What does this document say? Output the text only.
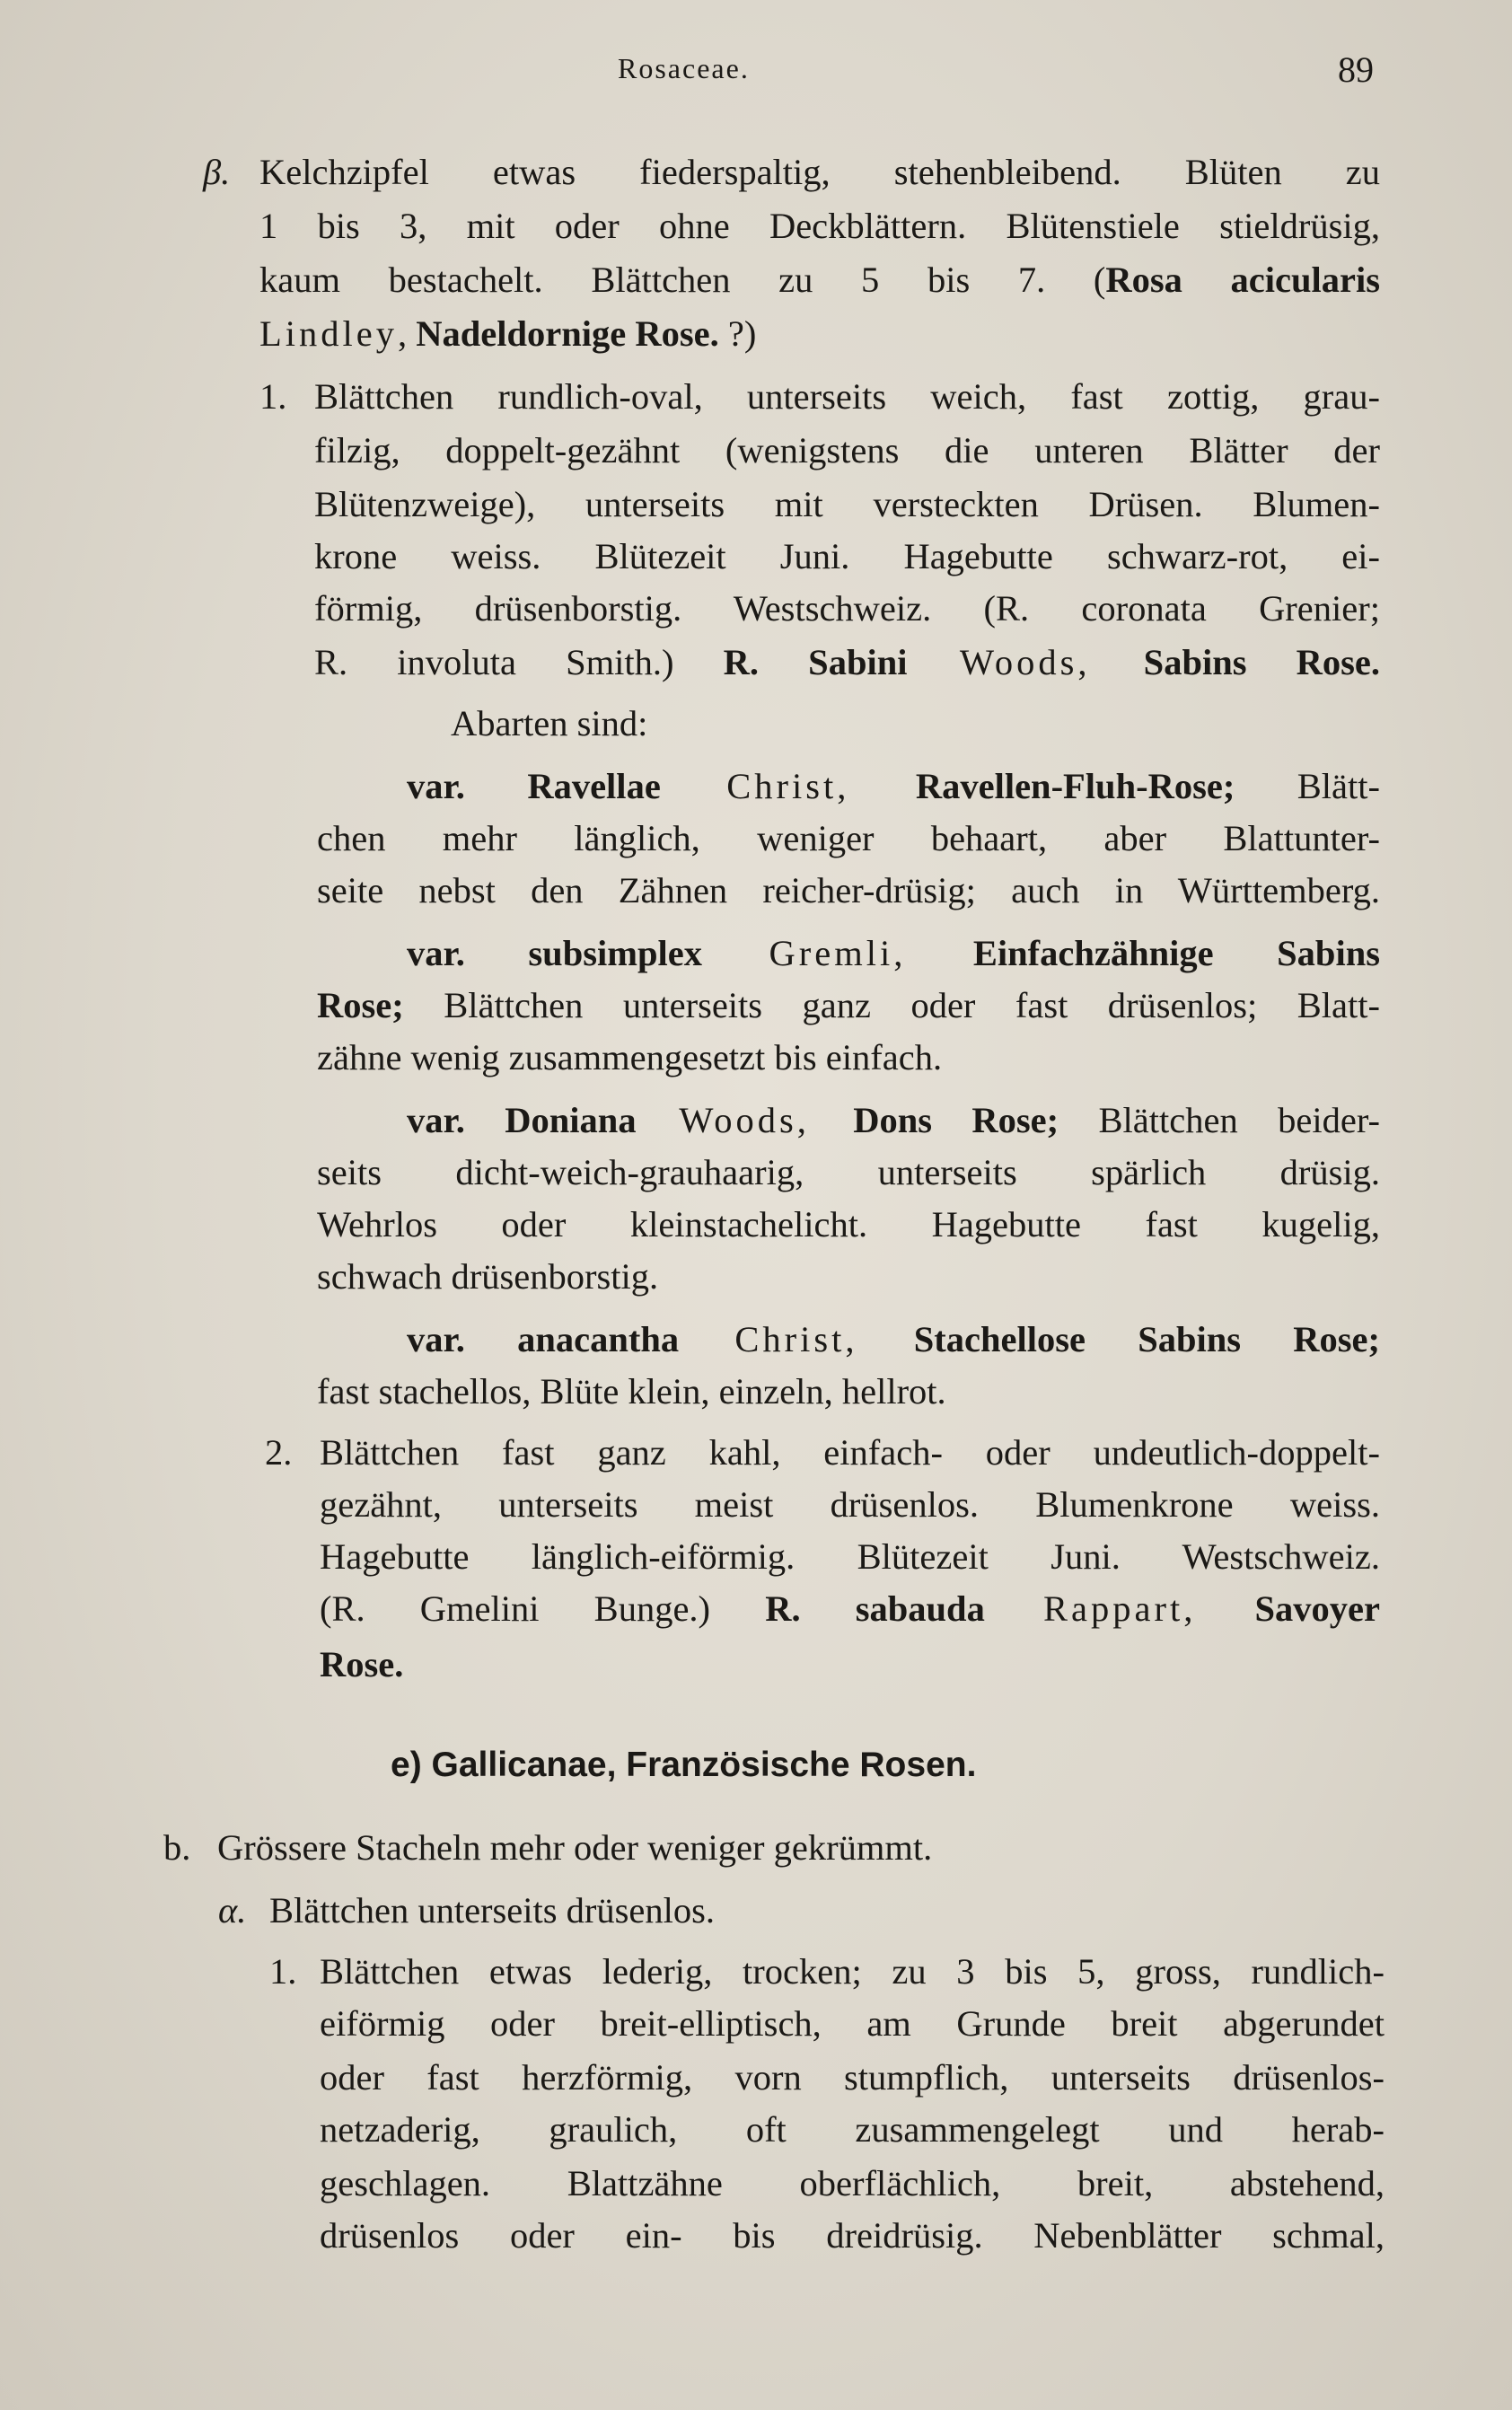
Rosaceae.	89
β. Kelchzipfel etwas fiederspaltig, stehenbleibend. Blüten zu
1 bis 3, mit oder ohne Deckblättern. Blütenstiele stieldrüsig,
kaum bestachelt. Blättchen zu 5 bis 7. (Rosa acicularis
Lindley, Nadeldornige Rose. ?)
1. Blättchen rundlich-oval, unterseits weich, fast zottig, grau-
filzig, doppelt-gezähnt (wenigstens die unteren Blätter der
Blütenzweige), unterseits mit versteckten Drüsen. Blumen-
krone weiss. Blütezeit Juni. Hagebutte schwarz-rot, ei-
förmig, drüsenborstig. Westschweiz. (R. coronata Grenier;
R. involuta Smith.) R. Sabini Woods, Sabins Rose.
Abarten sind:
var. Ravellae Christ, Ravellen-Fluh-Rose; Blätt-
chen mehr länglich, weniger behaart, aber Blattunter-
seite nebst den Zähnen reicher-drüsig; auch in Württemberg.
var. subsimplex Gremli, Einfachzähnige Sabins
Rose; Blättchen unterseits ganz oder fast drüsenlos; Blatt-
zähne wenig zusammengesetzt bis einfach.
var. Doniana Woods, Dons Rose; Blättchen beider-
seits dicht-weich-grauhaarig, unterseits spärlich drüsig.
Wehrlos oder kleinstachelicht. Hagebutte fast kugelig,
schwach drüsenborstig.
var. anacantha Christ, Stachellose Sabins Rose;
fast stachellos, Blüte klein, einzeln, hellrot.
2. Blättchen fast ganz kahl, einfach- oder undeutlich-doppelt-
gezähnt, unterseits meist drüsenlos. Blumenkrone weiss.
Hagebutte länglich-eiförmig. Blütezeit Juni. Westschweiz.
(R. Gmelini Bunge.) R. sabauda Rappart, Savoyer
Rose.
e) Gallicanae, Französische Rosen.
b. Grössere Stacheln mehr oder weniger gekrümmt.
α. Blättchen unterseits drüsenlos.
1. Blättchen etwas lederig, trocken; zu 3 bis 5, gross, rundlich-
eiförmig oder breit-elliptisch, am Grunde breit abgerundet
oder fast herzförmig, vorn stumpflich, unterseits drüsenlos-
netzaderig, graulich, oft zusammengelegt und herab-
geschlagen. Blattzähne oberflächlich, breit, abstehend,
drüsenlos oder ein- bis dreidrüsig. Nebenblätter schmal,
